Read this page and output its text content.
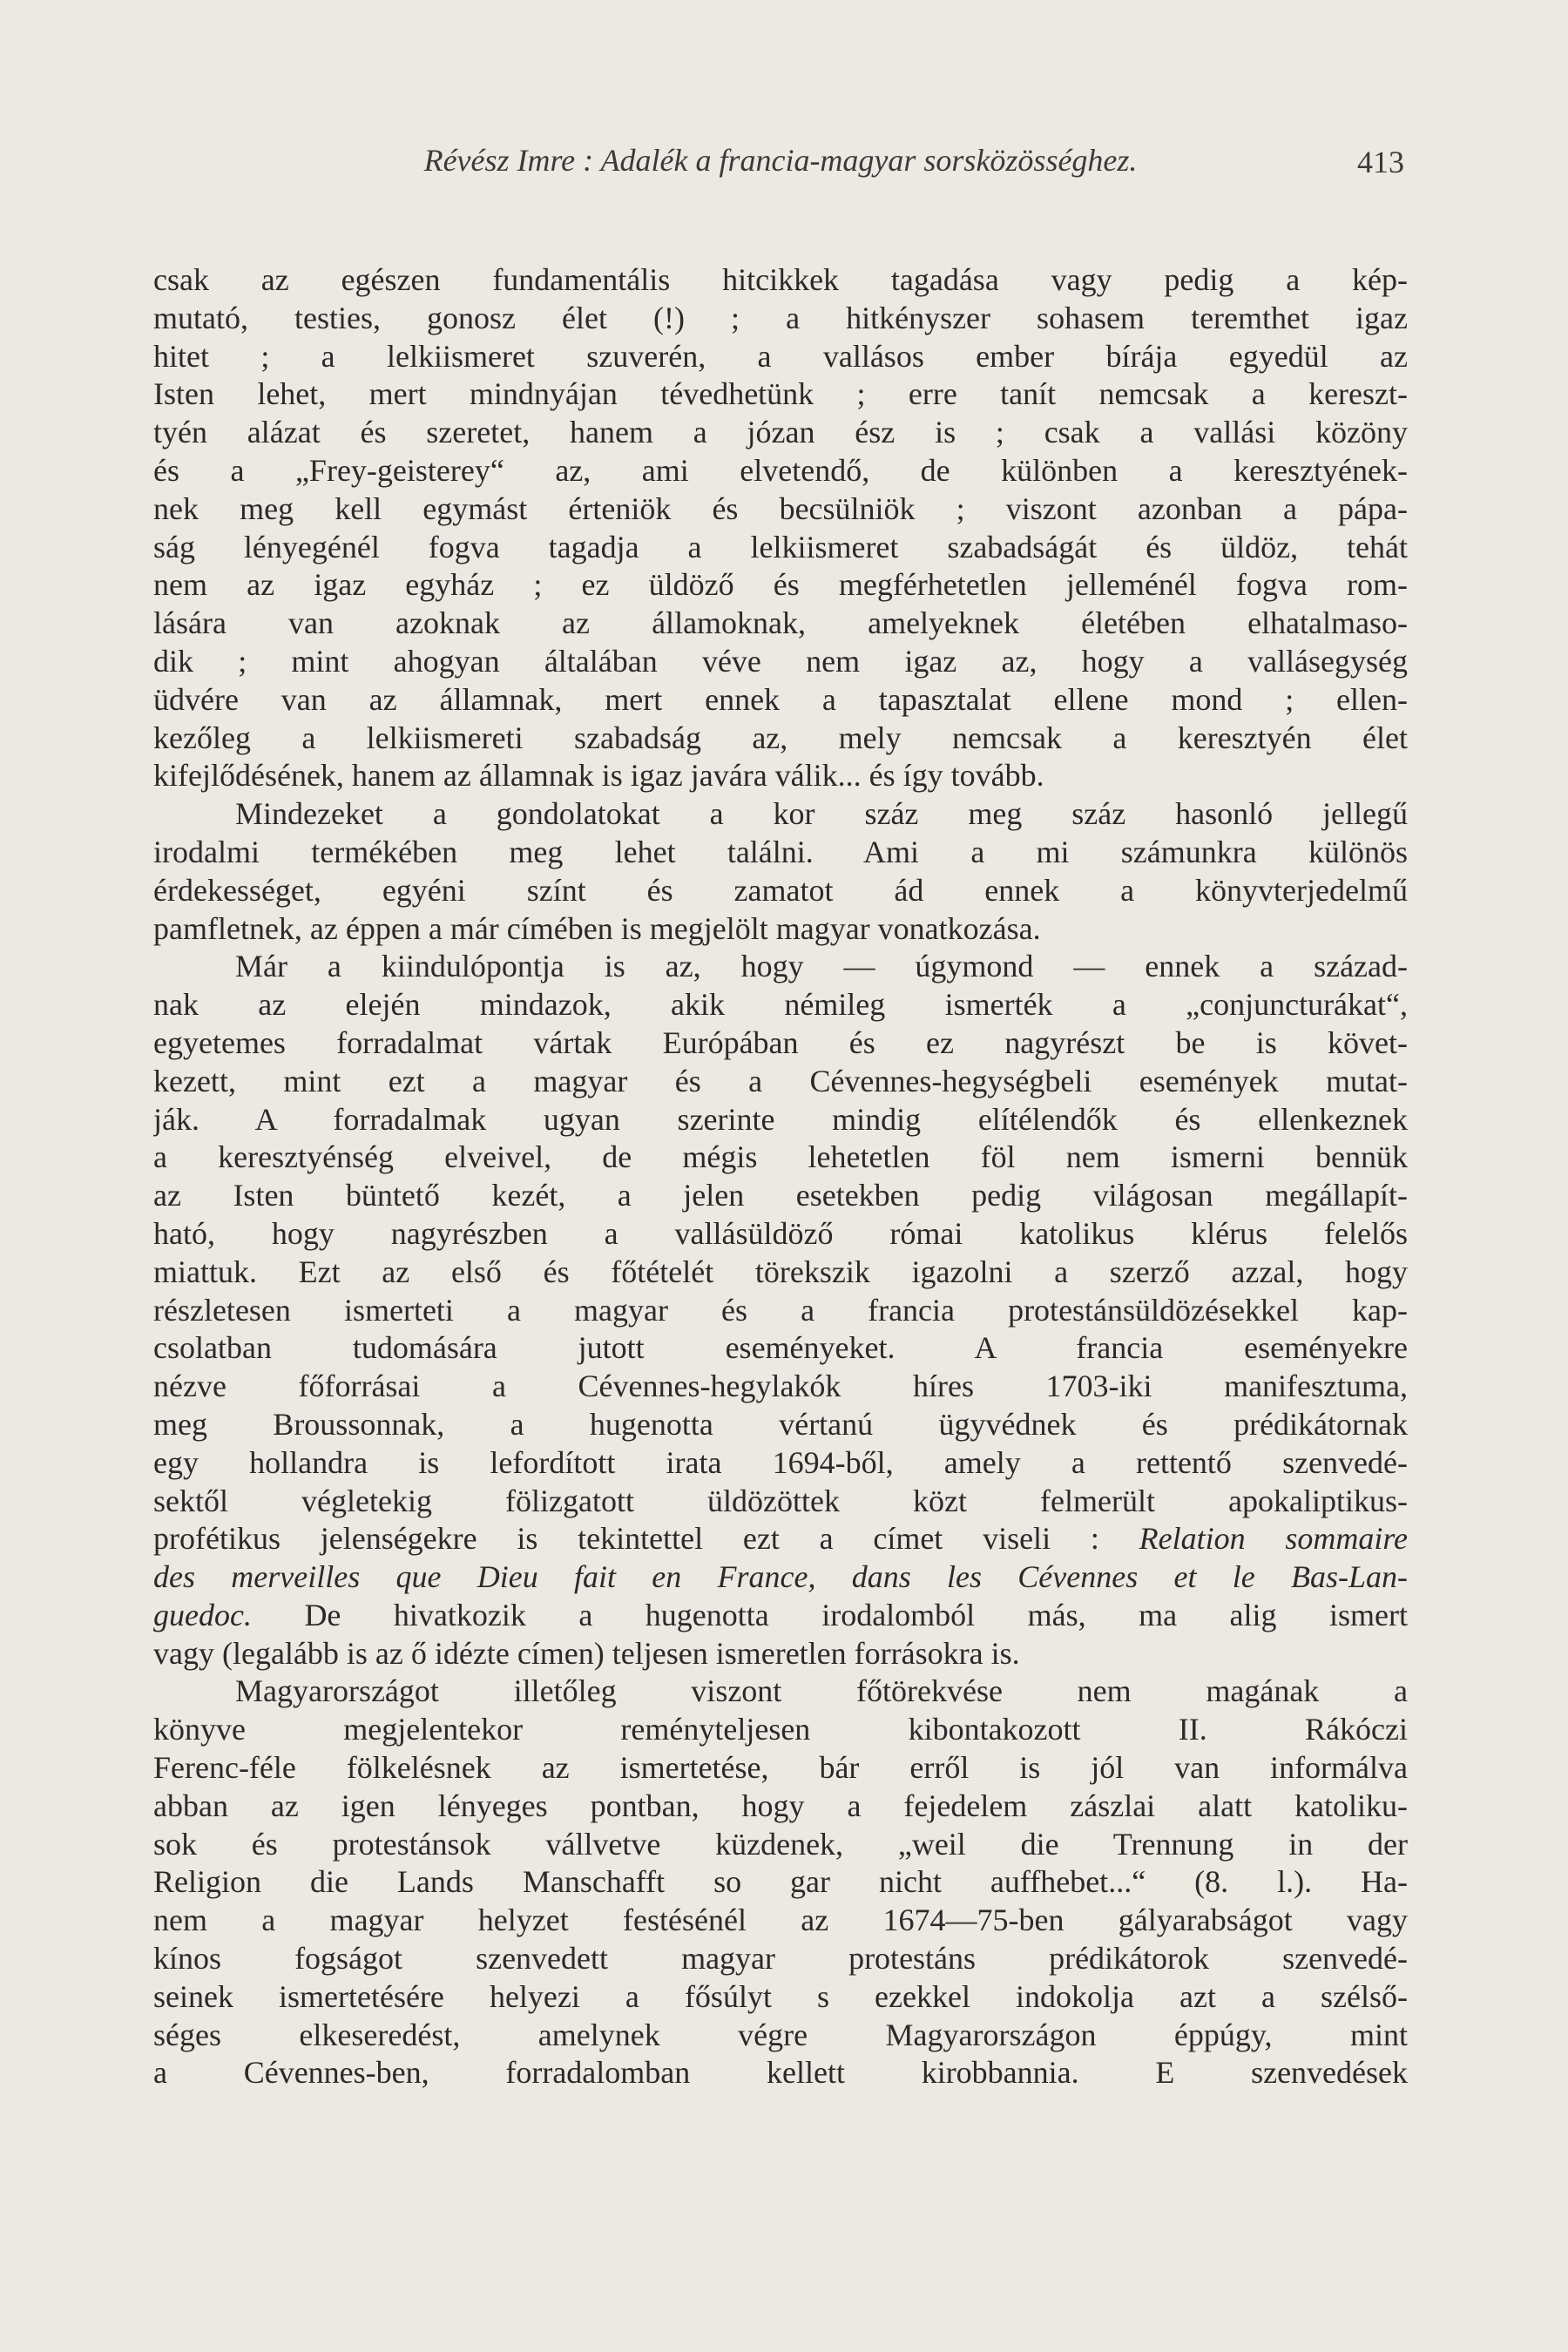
Révész Imre : Adalék a francia-magyar sorsközösséghez.	413
csak az egészen fundamentális hitcikkek tagadása vagy pedig a kép-
mutató, testies, gonosz élet (!) ; a hitkényszer sohasem teremthet igaz
hitet ; a lelkiismeret szuverén, a vallásos ember bírája egyedül az
Isten lehet, mert mindnyájan tévedhetünk ; erre tanít nemcsak a kereszt-
tyén alázat és szeretet, hanem a józan ész is ; csak a vallási közöny
és a „Frey-geisterey“ az, ami elvetendő, de különben a keresztyének-
nek meg kell egymást érteniök és becsülniök ; viszont azonban a pápa-
ság lényegénél fogva tagadja a lelkiismeret szabadságát és üldöz, tehát
nem az igaz egyház ; ez üldöző és megférhetetlen jelleménél fogva rom-
lására van azoknak az államoknak, amelyeknek életében elhatalmaso-
dik ; mint ahogyan általában véve nem igaz az, hogy a vallásegység
üdvére van az államnak, mert ennek a tapasztalat ellene mond ; ellen-
kezőleg a lelkiismereti szabadság az, mely nemcsak a keresztyén élet
kifejlődésének, hanem az államnak is igaz javára válik... és így tovább.
Mindezeket a gondolatokat a kor száz meg száz hasonló jellegű
irodalmi termékében meg lehet találni. Ami a mi számunkra különös
érdekességet, egyéni színt és zamatot ád ennek a könyvterjedelmű
pamfletnek, az éppen a már címében is megjelölt magyar vonatkozása.
Már a kiindulópontja is az, hogy — úgymond — ennek a század-
nak az elején mindazok, akik némileg ismerték a „conjuncturákat“,
egyetemes forradalmat vártak Európában és ez nagyrészt be is követ-
kezett, mint ezt a magyar és a Cévennes-hegységbeli események mutat-
ják. A forradalmak ugyan szerinte mindig elítélendők és ellenkeznek
a keresztyénség elveivel, de mégis lehetetlen föl nem ismerni bennük
az Isten büntető kezét, a jelen esetekben pedig világosan megállapít-
ható, hogy nagyrészben a vallásüldöző római katolikus klérus felelős
miattuk. Ezt az első és főtételét törekszik igazolni a szerző azzal, hogy
részletesen ismerteti a magyar és a francia protestánsüldözésekkel kap-
csolatban tudomására jutott eseményeket. A francia eseményekre
nézve főforrásai a Cévennes-hegylakók híres 1703-iki manifesztuma,
meg Broussonnak, a hugenotta vértanú ügyvédnek és prédikátornak
egy hollandra is lefordított irata 1694-ből, amely a rettentő szenvedé-
sektől végletekig fölizgatott üldözöttek közt felmerült apokaliptikus-
profétikus jelenségekre is tekintettel ezt a címet viseli : Relation sommaire
des merveilles que Dieu fait en France, dans les Cévennes et le Bas-Lan-
guedoc. De hivatkozik a hugenotta irodalomból más, ma alig ismert
vagy (legalább is az ő idézte címen) teljesen ismeretlen forrásokra is.
Magyarországot illetőleg viszont főtörekvése nem magának a
könyve megjelentekor reményteljesen kibontakozott II. Rákóczi
Ferenc-féle fölkelésnek az ismertetése, bár erről is jól van informálva
abban az igen lényeges pontban, hogy a fejedelem zászlai alatt katoliku-
sok és protestánsok vállvetve küzdenek, „weil die Trennung in der
Religion die Lands Manschafft so gar nicht auffhebet...“ (8. l.). Ha-
nem a magyar helyzet festésénél az 1674—75-ben gályarabságot vagy
kínos fogságot szenvedett magyar protestáns prédikátorok szenvedé-
seinek ismertetésére helyezi a fősúlyt s ezekkel indokolja azt a szélső-
séges elkeseredést, amelynek végre Magyarországon éppúgy, mint
a Cévennes-ben, forradalomban kellett kirobbannia. E szenvedések
